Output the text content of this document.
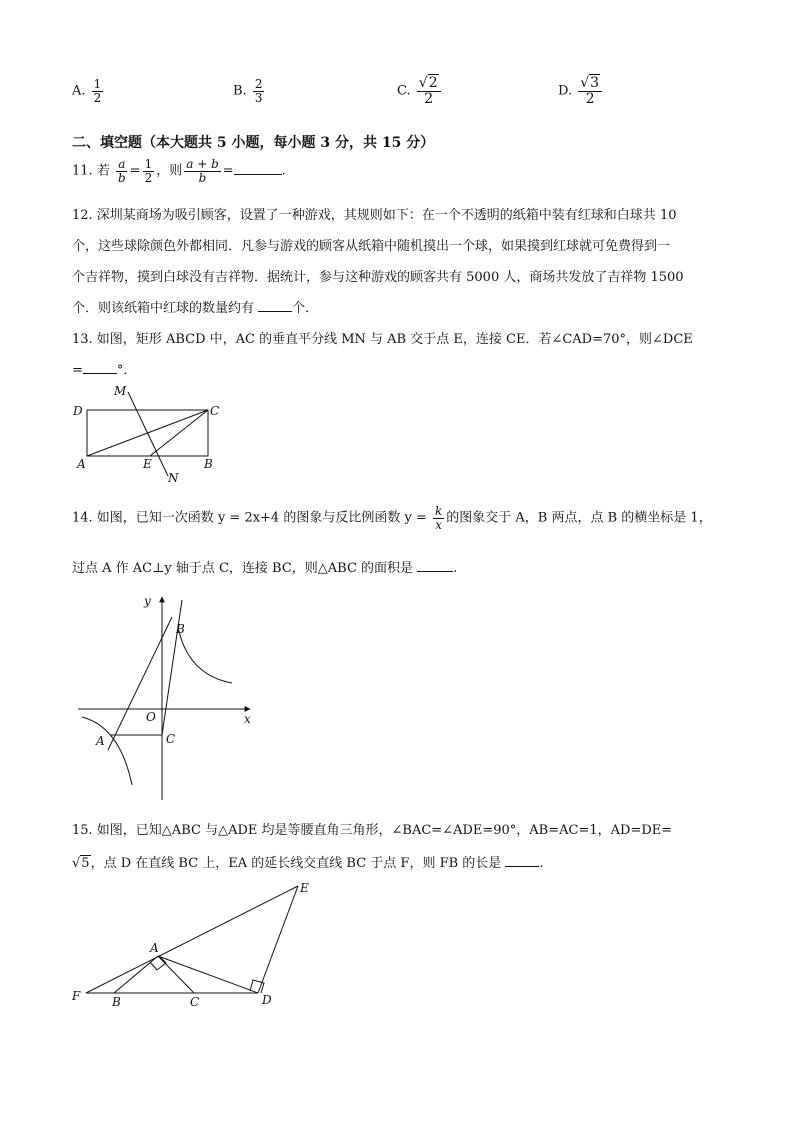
A. $\frac{1}{2}$	B. $\frac{2}{3}$	C. $\frac{√2}{2}$	D. $\frac{√3}{2}$
二、填空题（本大题共 5 小题，每小题 3 分，共 15 分）
11. 若 $\frac{a}{b} = \frac{1}{2}$ ，则 $\frac{a + b}{b}$ =	.
12. 深圳某商场为吸引顾客，设置了一种游戏，其规则如下：在一个不透明的纸箱中装有红球和白球共 10
个，这些球除颜色外都相同．凡参与游戏的顾客从纸箱中随机摸出一个球，如果摸到红球就可免费得到一
个吉祥物，摸到白球没有吉祥物．据统计，参与这种游戏的顾客共有 5000 人，商场共发放了吉祥物 1500
个．则该纸箱中红球的数量约有	个．
13. 如图，矩形 ABCD 中，AC 的垂直平分线 MN 与 AB 交于点 E，连接 CE．若∠CAD=70°，则∠DCE
=	°．
M
D	C
A	E	B
N
14. 如图，已知一次函数 y = 2x+4 的图象与反比例函数 $y = \frac{k}{x}$ 的图象交于 A，B 两点，点 B 的横坐标是 1，
过点 A 作 AC⊥y 轴于点 C，连接 BC，则△ABC 的面积是	.
y
x
O
A
B
C
15. 如图，已知△ABC 与△ADE 均是等腰直角三角形，∠BAC=∠ADE=90°，AB=AC=1，AD=DE=
√5，点 D 在直线 BC 上，EA 的延长线交直线 BC 于点 F，则 FB 的长是	.
E
A
F	B	C	D
